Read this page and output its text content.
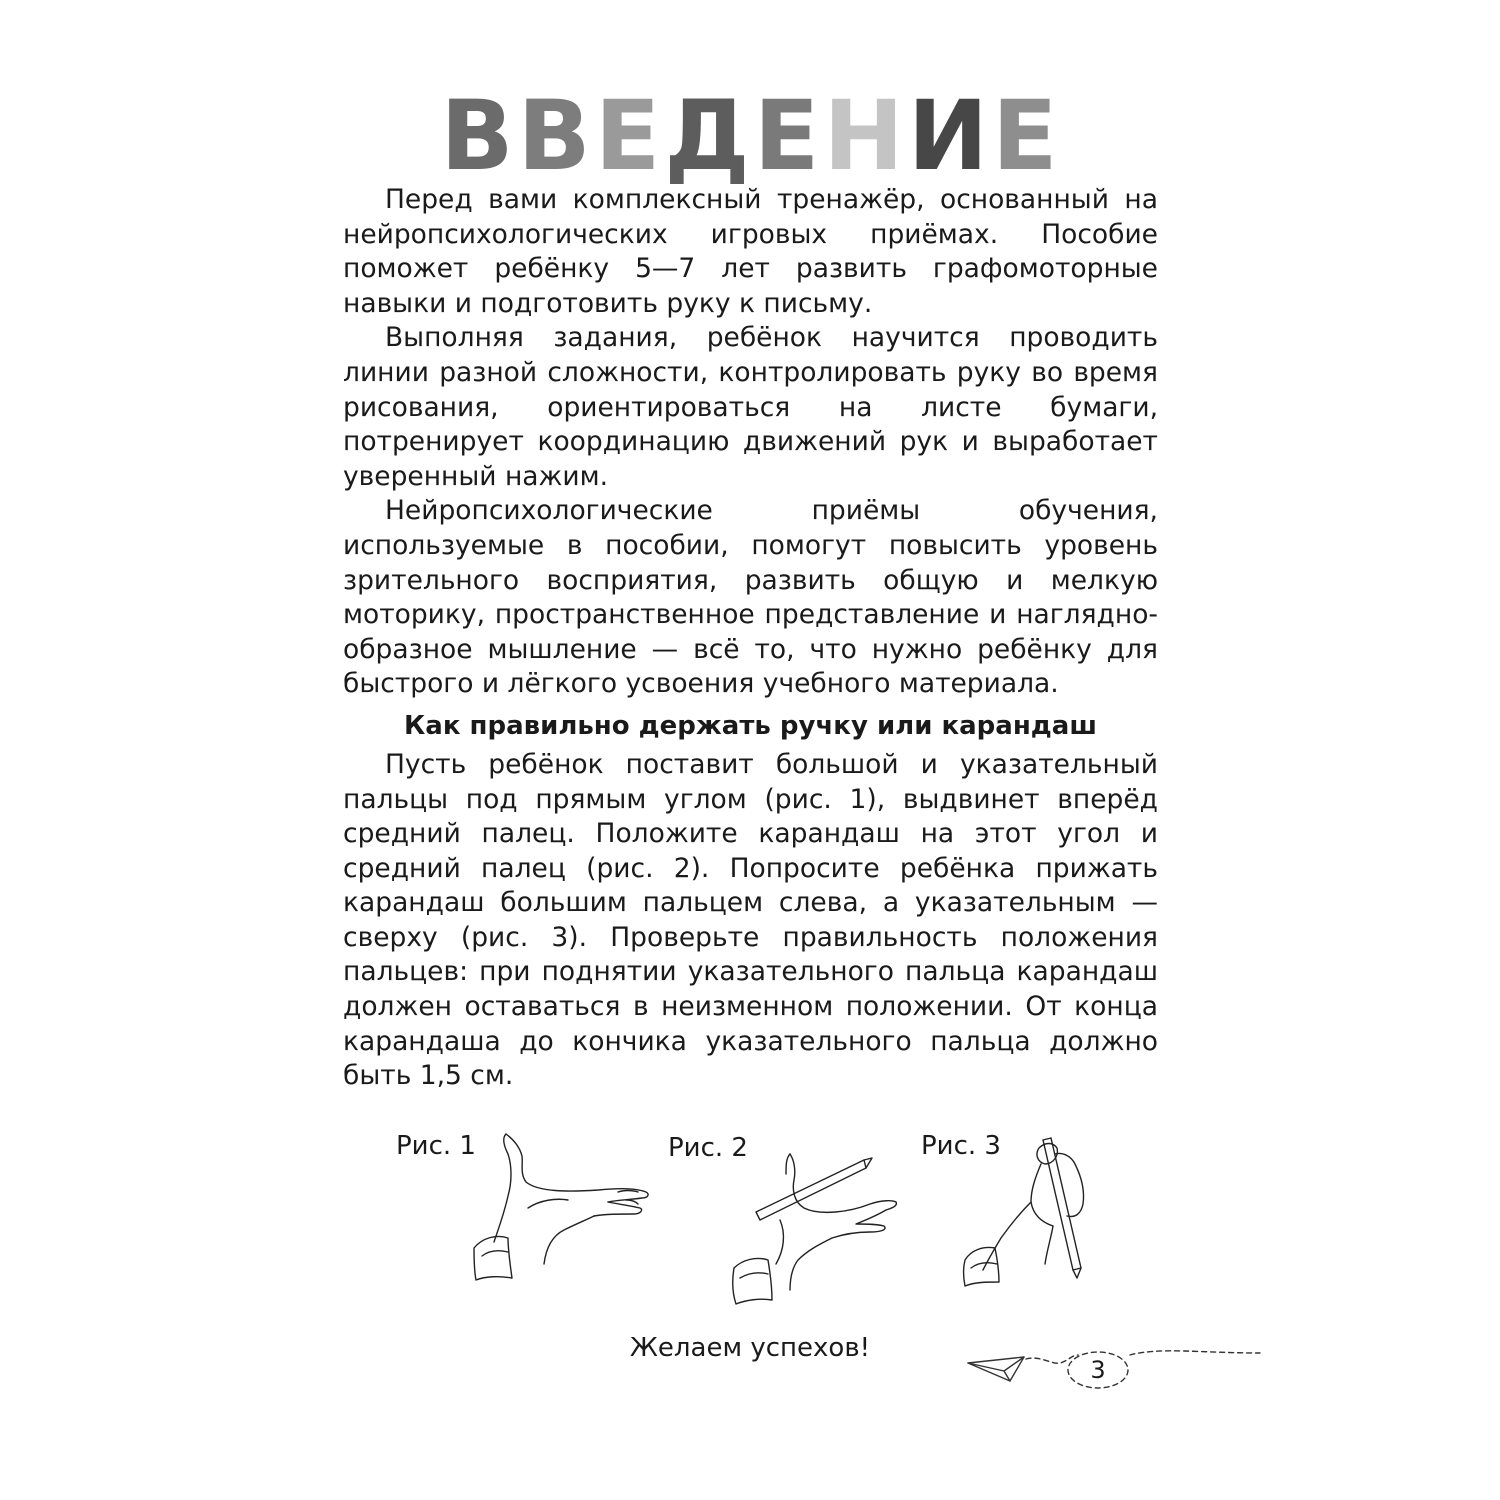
ВВЕДЕНИЕ

Перед вами комплексный тренажёр, основанный на нейропсихологических игровых приёмах. Пособие поможет ребёнку 5—7 лет развить графомоторные навыки и подготовить руку к письму.

Выполняя задания, ребёнок научится проводить линии разной сложности, контролировать руку во время рисования, ориентироваться на листе бумаги, потренирует координацию движений рук и выработает уверенный нажим.

Нейропсихологические приёмы обучения, используемые в пособии, помогут повысить уровень зрительного восприятия, развить общую и мелкую моторику, пространственное представление и наглядно-образное мышление — всё то, что нужно ребёнку для быстрого и лёгкого усвоения учебного материала.

Как правильно держать ручку или карандаш

Пусть ребёнок поставит большой и указательный пальцы под прямым углом (рис. 1), выдвинет вперёд средний палец. Положите карандаш на этот угол и средний палец (рис. 2). Попросите ребёнка прижать карандаш большим пальцем слева, а указательным — сверху (рис. 3). Проверьте правильность положения пальцев: при поднятии указательного пальца карандаш должен оставаться в неизменном положении. От конца карандаша до кончика указательного пальца должно быть 1,5 см.

Рис. 1	Рис. 2	Рис. 3
Желаем успехов!
3
